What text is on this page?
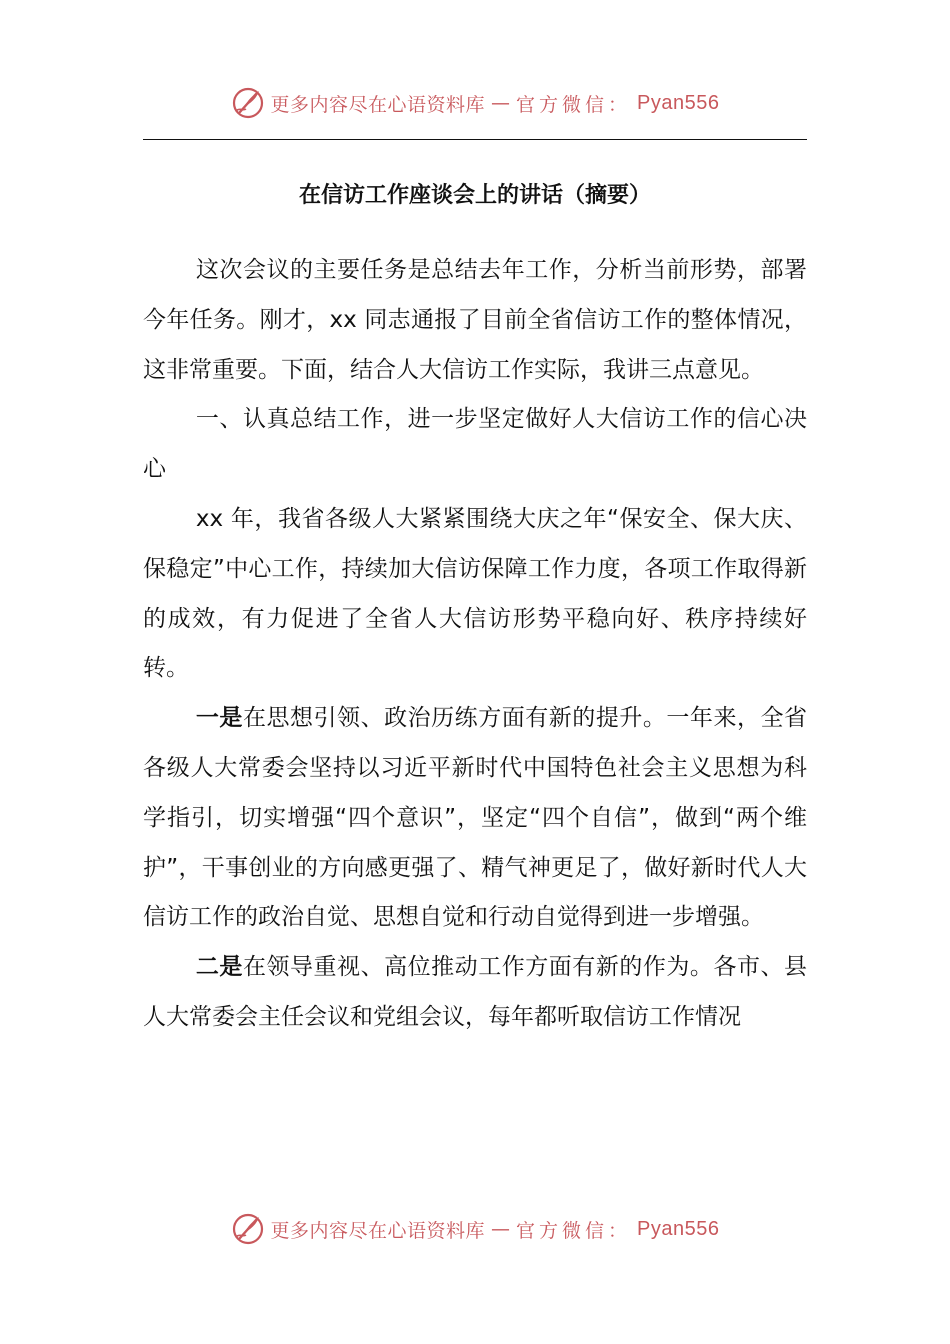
更多内容尽在心语资料库 — 官方微信： Pyan556
在信访工作座谈会上的讲话（摘要）

这次会议的主要任务是总结去年工作，分析当前形势，部署今年任务。刚才，xx 同志通报了目前全省信访工作的整体情况，这非常重要。下面，结合人大信访工作实际，我讲三点意见。

一、认真总结工作，进一步坚定做好人大信访工作的信心决心

xx 年，我省各级人大紧紧围绕大庆之年“保安全、保大庆、保稳定”中心工作，持续加大信访保障工作力度，各项工作取得新的成效，有力促进了全省人大信访形势平稳向好、秩序持续好转。

一是在思想引领、政治历练方面有新的提升。一年来，全省各级人大常委会坚持以习近平新时代中国特色社会主义思想为科学指引，切实增强“四个意识”，坚定“四个自信”，做到“两个维护”，干事创业的方向感更强了、精气神更足了，做好新时代人大信访工作的政治自觉、思想自觉和行动自觉得到进一步增强。

二是在领导重视、高位推动工作方面有新的作为。各市、县人大常委会主任会议和党组会议，每年都听取信访工作情况

更多内容尽在心语资料库 — 官方微信： Pyan556
